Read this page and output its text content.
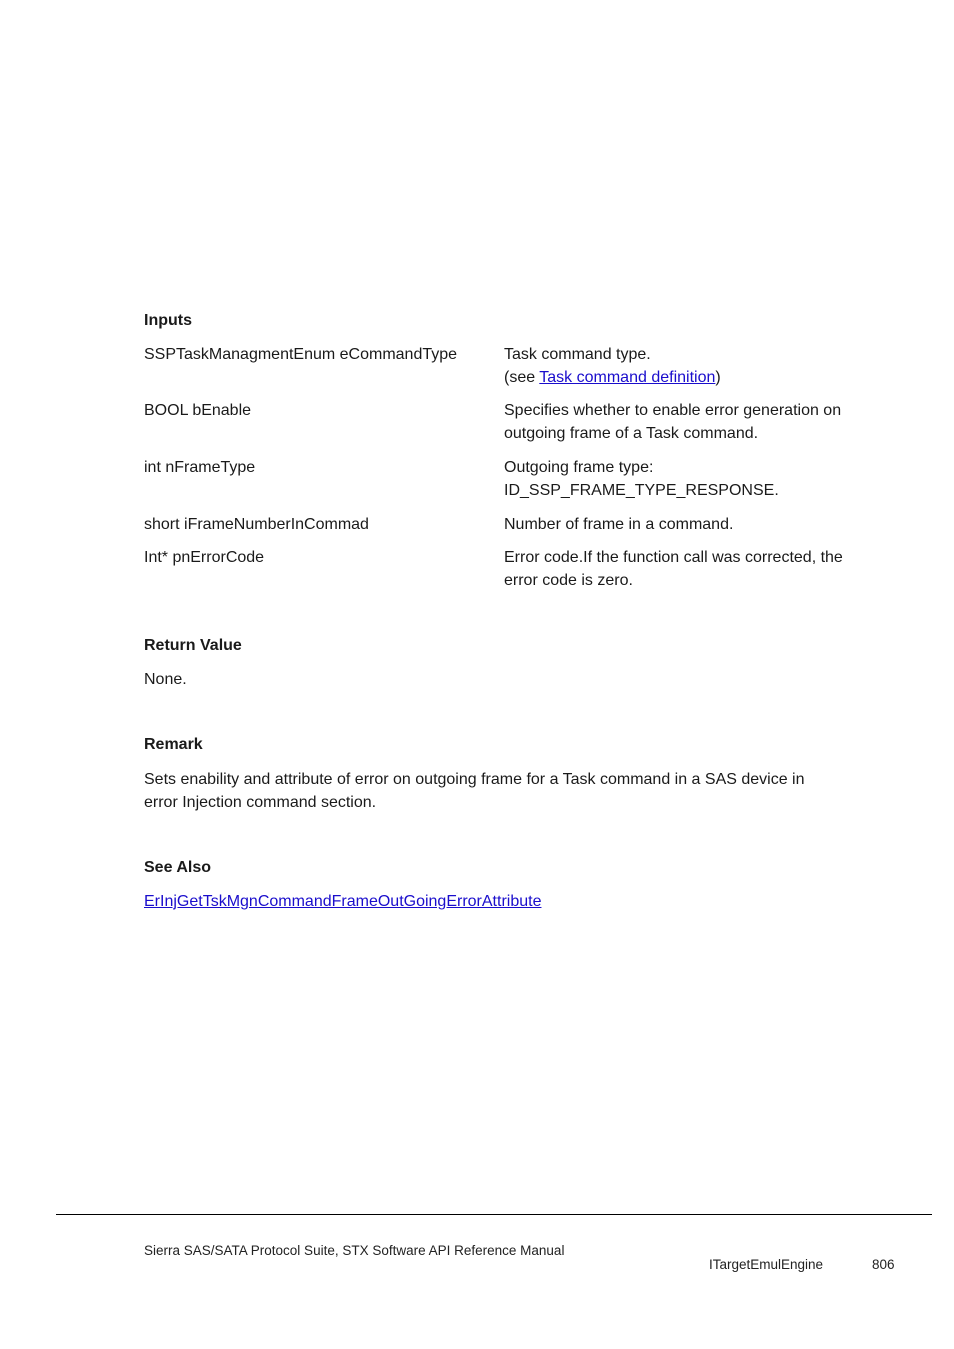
Inputs
SSPTaskManagmentEnum eCommandType	Task command type.
(see Task command definition)
BOOL bEnable	Specifies whether to enable error generation on
outgoing frame of a Task command.
int nFrameType	Outgoing frame type:
ID_SSP_FRAME_TYPE_RESPONSE.
short iFrameNumberInCommad	Number of frame in a command.
Int* pnErrorCode	Error code.If the function call was corrected, the
error code is zero.
Return Value

None.

Remark
Sets enability and attribute of error on outgoing frame for a Task command in a SAS device in
error Injection command section.
See Also

ErInjGetTskMgnCommandFrameOutGoingErrorAttribute

Sierra SAS/SATA Protocol Suite, STX Software API Reference Manual
ITargetEmulEngine	806
